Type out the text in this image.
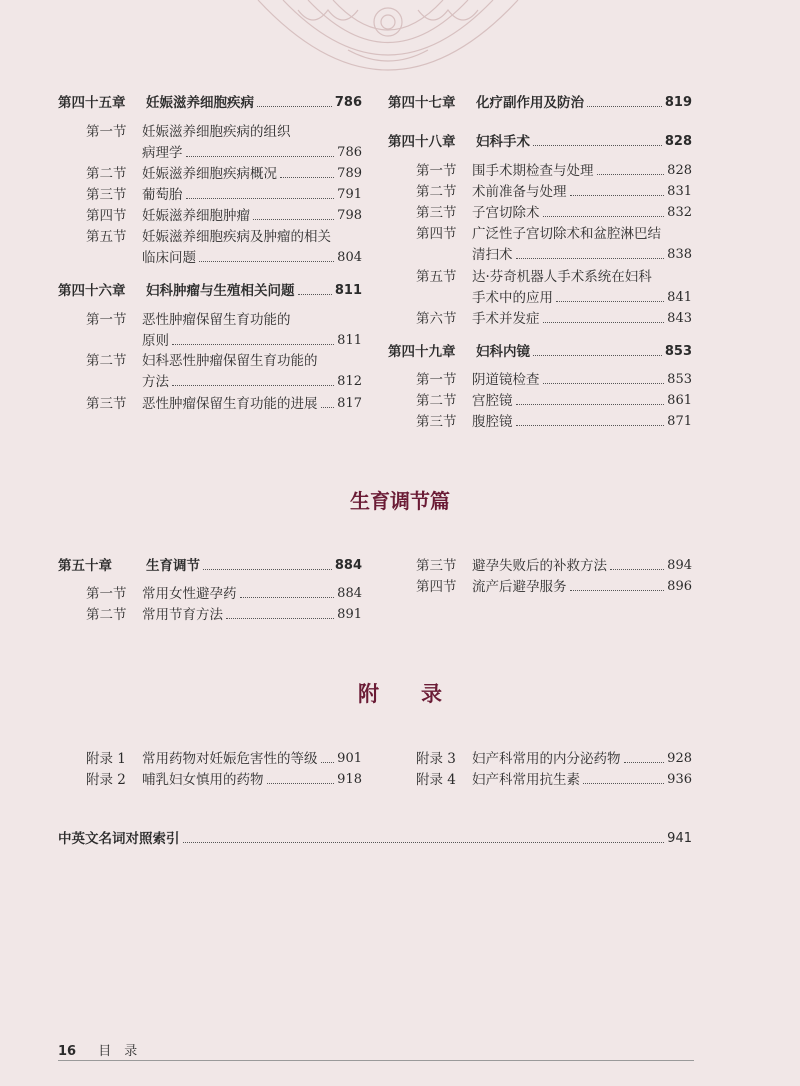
第四十五章	妊娠滋养细胞疾病	786
第一节	妊娠滋养细胞疾病的组织
病理学	786
第二节	妊娠滋养细胞疾病概况	789
第三节	葡萄胎	791
第四节	妊娠滋养细胞肿瘤	798
第五节	妊娠滋养细胞疾病及肿瘤的相关
临床问题	804
第四十六章	妇科肿瘤与生殖相关问题	811
第一节	恶性肿瘤保留生育功能的
原则	811
第二节	妇科恶性肿瘤保留生育功能的
方法	812
第三节	恶性肿瘤保留生育功能的进展 817
第四十七章	化疗副作用及防治	819
第四十八章	妇科手术	828
第一节	围手术期检查与处理	828
第二节	术前准备与处理	831
第三节	子宫切除术	832
第四节	广泛性子宫切除术和盆腔淋巴结
清扫术	838
第五节	达·芬奇机器人手术系统在妇科
手术中的应用	841
第六节	手术并发症	843
第四十九章	妇科内镜	853
第一节	阴道镜检查	853
第二节	宫腔镜	861
第三节	腹腔镜	871
生育调节篇
第五十章	生育调节	884
第一节	常用女性避孕药	884
第二节	常用节育方法	891
第三节	避孕失败后的补救方法	894
第四节	流产后避孕服务	896
附　　录
附录 1	常用药物对妊娠危害性的等级 901
附录 2	哺乳妇女慎用的药物	918
附录 3	妇产科常用的内分泌药物	928
附录 4	妇产科常用抗生素	936
中英文名词对照索引	941
16 目　录
